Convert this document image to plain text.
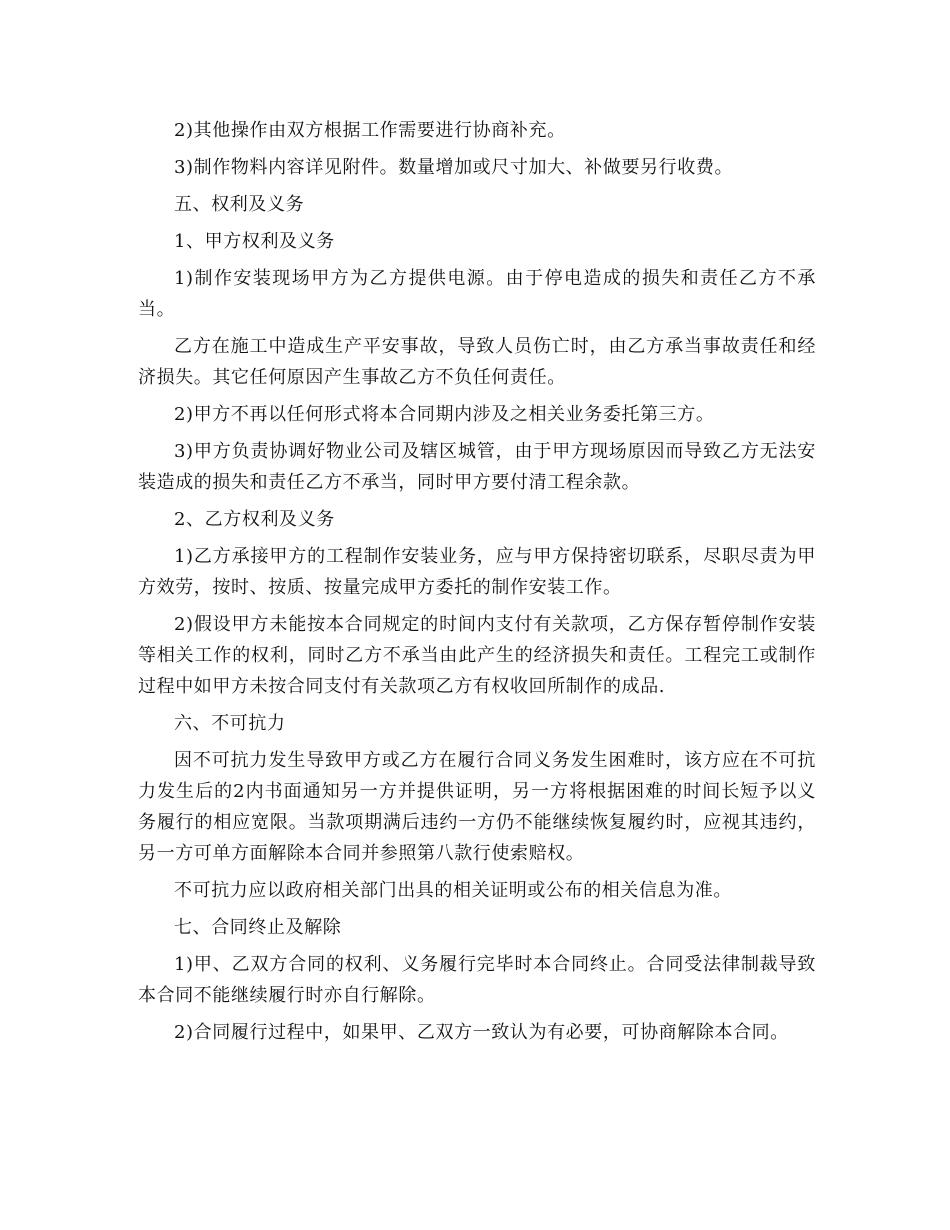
2)其他操作由双方根据工作需要进行协商补充。

3)制作物料内容详见附件。数量增加或尺寸加大、补做要另行收费。

五、权利及义务

1、甲方权利及义务

1)制作安装现场甲方为乙方提供电源。由于停电造成的损失和责任乙方不承当。

乙方在施工中造成生产平安事故，导致人员伤亡时，由乙方承当事故责任和经济损失。其它任何原因产生事故乙方不负任何责任。

2)甲方不再以任何形式将本合同期内涉及之相关业务委托第三方。

3)甲方负责协调好物业公司及辖区城管，由于甲方现场原因而导致乙方无法安装造成的损失和责任乙方不承当，同时甲方要付清工程余款。

2、乙方权利及义务

1)乙方承接甲方的工程制作安装业务，应与甲方保持密切联系，尽职尽责为甲方效劳，按时、按质、按量完成甲方委托的制作安装工作。

2)假设甲方未能按本合同规定的时间内支付有关款项，乙方保存暂停制作安装等相关工作的权利，同时乙方不承当由此产生的经济损失和责任。工程完工或制作过程中如甲方未按合同支付有关款项乙方有权收回所制作的成品.

六、不可抗力

因不可抗力发生导致甲方或乙方在履行合同义务发生困难时，该方应在不可抗力发生后的2内书面通知另一方并提供证明，另一方将根据困难的时间长短予以义务履行的相应宽限。当款项期满后违约一方仍不能继续恢复履约时，应视其违约，另一方可单方面解除本合同并参照第八款行使索赔权。

不可抗力应以政府相关部门出具的相关证明或公布的相关信息为准。

七、合同终止及解除

1)甲、乙双方合同的权利、义务履行完毕时本合同终止。合同受法律制裁导致本合同不能继续履行时亦自行解除。

2)合同履行过程中，如果甲、乙双方一致认为有必要，可协商解除本合同。
